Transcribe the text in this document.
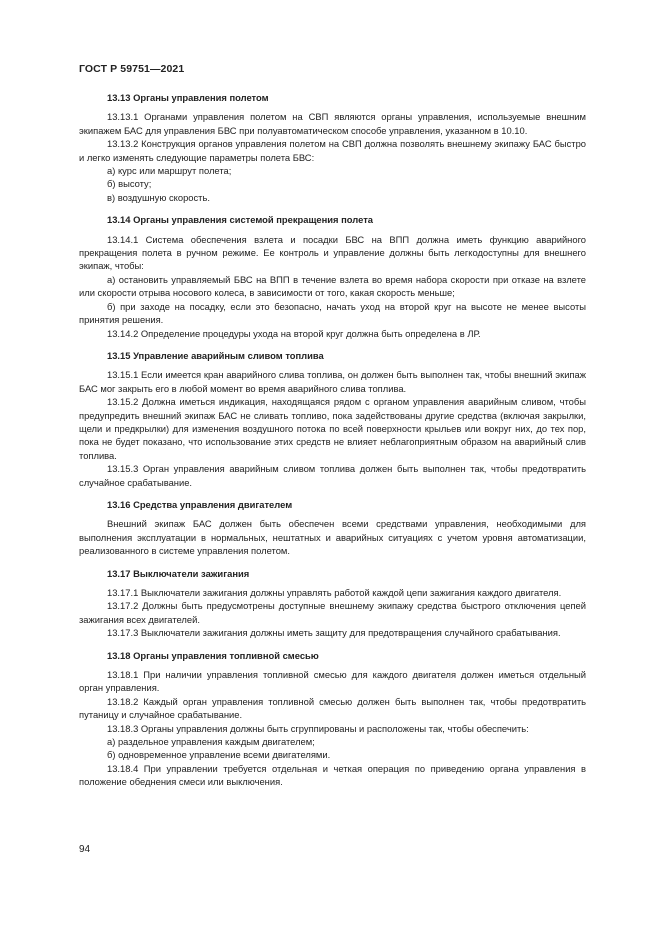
ГОСТ Р 59751—2021

13.13 Органы управления полетом

13.13.1 Органами управления полетом на СВП являются органы управления, используемые внешним экипажем БАС для управления БВС при полуавтоматическом способе управления, указанном в 10.10.

13.13.2 Конструкция органов управления полетом на СВП должна позволять внешнему экипажу БАС быстро и легко изменять следующие параметры полета БВС:

а) курс или маршрут полета;

б) высоту;

в) воздушную скорость.

13.14 Органы управления системой прекращения полета

13.14.1 Система обеспечения взлета и посадки БВС на ВПП должна иметь функцию аварийного прекращения полета в ручном режиме. Ее контроль и управление должны быть легкодоступны для внешнего экипаж, чтобы:

а) остановить управляемый БВС на ВПП в течение взлета во время набора скорости при отказе на взлете или скорости отрыва носового колеса, в зависимости от того, какая скорость меньше;

б) при заходе на посадку, если это безопасно, начать уход на второй круг на высоте не менее высоты принятия решения.

13.14.2 Определение процедуры ухода на второй круг должна быть определена в ЛР.

13.15 Управление аварийным сливом топлива

13.15.1 Если имеется кран аварийного слива топлива, он должен быть выполнен так, чтобы внешний экипаж БАС мог закрыть его в любой момент во время аварийного слива топлива.

13.15.2 Должна иметься индикация, находящаяся рядом с органом управления аварийным сливом, чтобы предупредить внешний экипаж БАС не сливать топливо, пока задействованы другие средства (включая закрылки, щели и предкрылки) для изменения воздушного потока по всей поверхности крыльев или вокруг них, до тех пор, пока не будет показано, что использование этих средств не влияет неблагоприятным образом на аварийный слив топлива.

13.15.3 Орган управления аварийным сливом топлива должен быть выполнен так, чтобы предотвратить случайное срабатывание.

13.16 Средства управления двигателем

Внешний экипаж БАС должен быть обеспечен всеми средствами управления, необходимыми для выполнения эксплуатации в нормальных, нештатных и аварийных ситуациях с учетом уровня автоматизации, реализованного в системе управления полетом.

13.17 Выключатели зажигания

13.17.1 Выключатели зажигания должны управлять работой каждой цепи зажигания каждого двигателя.

13.17.2 Должны быть предусмотрены доступные внешнему экипажу средства быстрого отключения цепей зажигания всех двигателей.

13.17.3 Выключатели зажигания должны иметь защиту для предотвращения случайного срабатывания.

13.18 Органы управления топливной смесью

13.18.1 При наличии управления топливной смесью для каждого двигателя должен иметься отдельный орган управления.

13.18.2 Каждый орган управления топливной смесью должен быть выполнен так, чтобы предотвратить путаницу и случайное срабатывание.

13.18.3 Органы управления должны быть сгруппированы и расположены так, чтобы обеспечить:

а) раздельное управления каждым двигателем;

б) одновременное управление всеми двигателями.

13.18.4 При управлении требуется отдельная и четкая операция по приведению органа управления в положение обеднения смеси или выключения.

94
